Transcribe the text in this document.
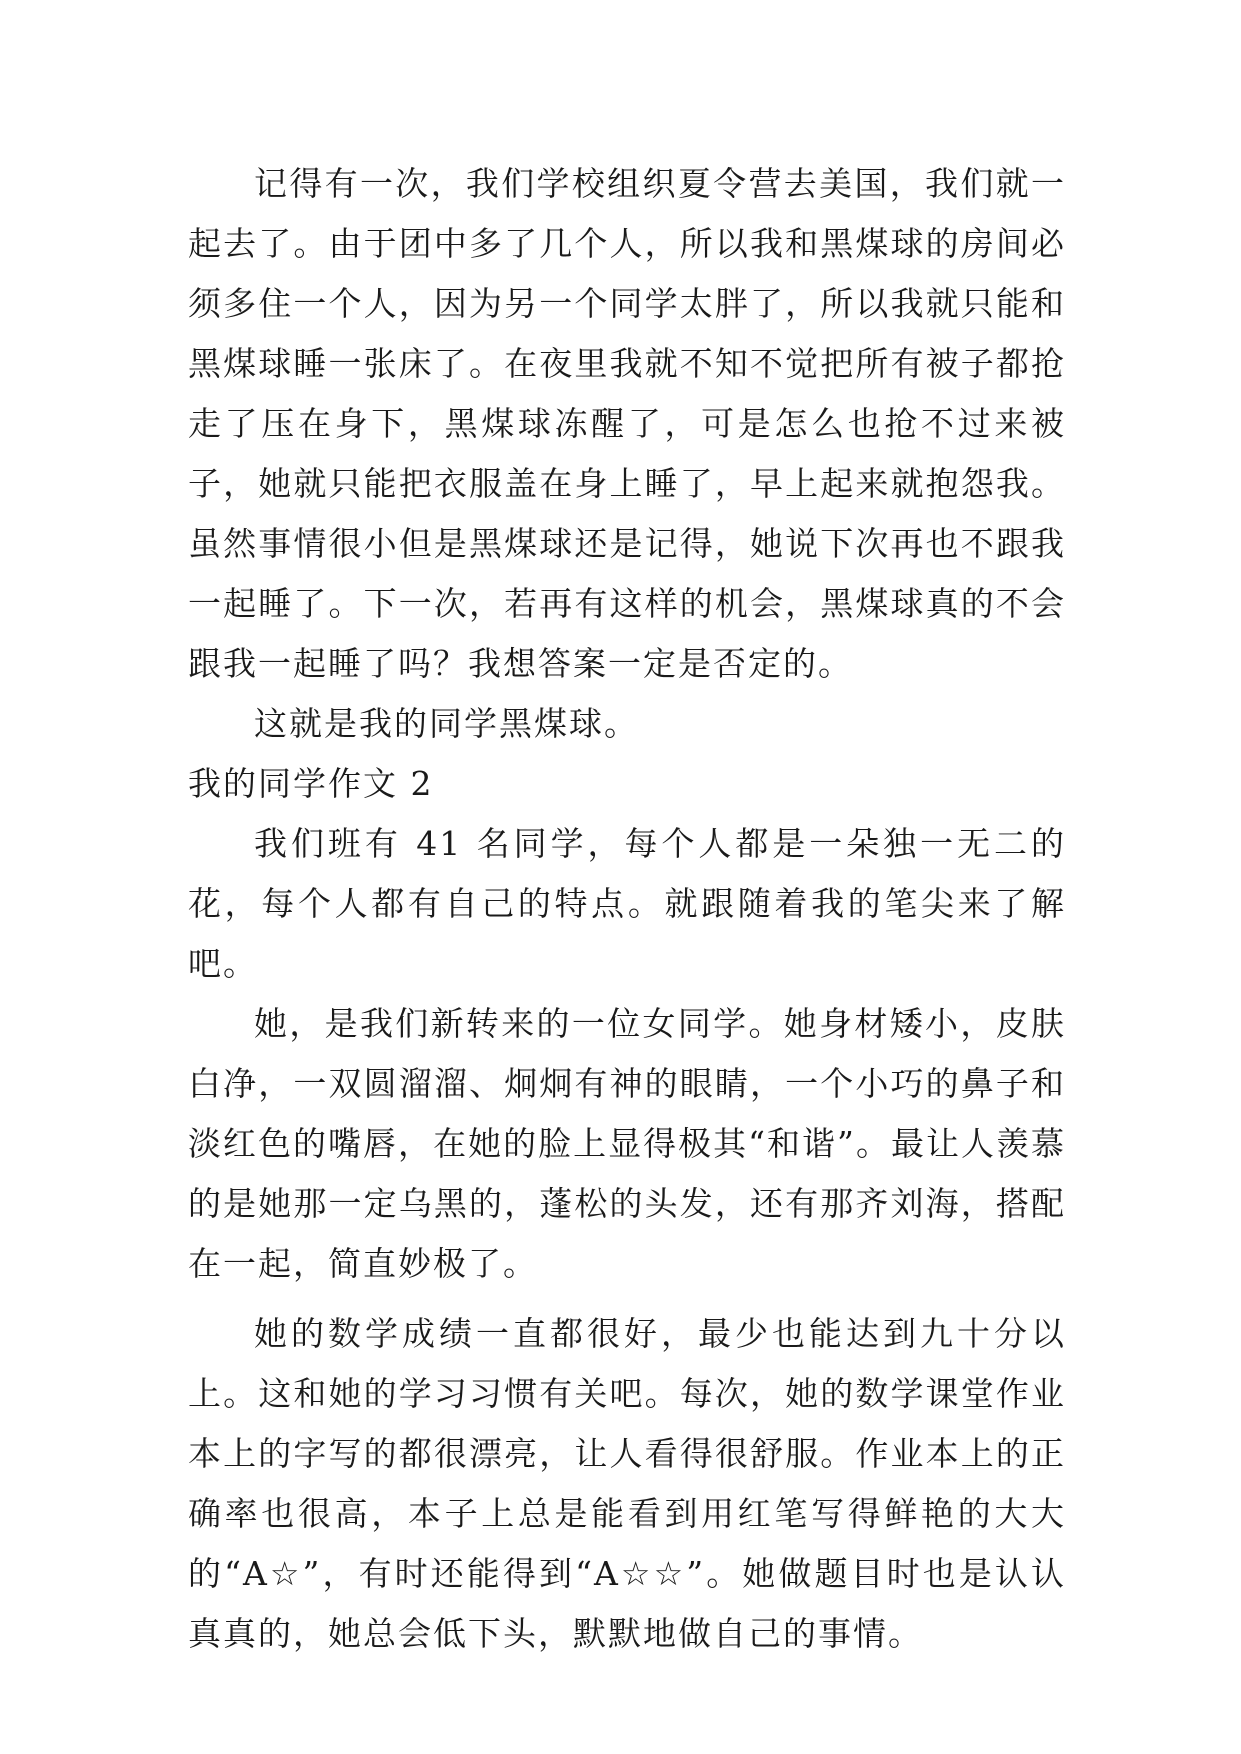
记得有一次，我们学校组织夏令营去美国，我们就一起去了。由于团中多了几个人，所以我和黑煤球的房间必须多住一个人，因为另一个同学太胖了，所以我就只能和黑煤球睡一张床了。在夜里我就不知不觉把所有被子都抢走了压在身下，黑煤球冻醒了，可是怎么也抢不过来被子，她就只能把衣服盖在身上睡了，早上起来就抱怨我。虽然事情很小但是黑煤球还是记得，她说下次再也不跟我一起睡了。下一次，若再有这样的机会，黑煤球真的不会跟我一起睡了吗？我想答案一定是否定的。

这就是我的同学黑煤球。

我的同学作文 2

我们班有 41 名同学，每个人都是一朵独一无二的花，每个人都有自己的特点。就跟随着我的笔尖来了解吧。

她，是我们新转来的一位女同学。她身材矮小，皮肤白净，一双圆溜溜、炯炯有神的眼睛，一个小巧的鼻子和淡红色的嘴唇，在她的脸上显得极其“和谐”。最让人羡慕的是她那一定乌黑的，蓬松的头发，还有那齐刘海，搭配在一起，简直妙极了。

她的数学成绩一直都很好，最少也能达到九十分以上。这和她的学习习惯有关吧。每次，她的数学课堂作业本上的字写的都很漂亮，让人看得很舒服。作业本上的正确率也很高，本子上总是能看到用红笔写得鲜艳的大大的“A☆”，有时还能得到“A☆☆”。她做题目时也是认认真真的，她总会低下头，默默地做自己的事情。
